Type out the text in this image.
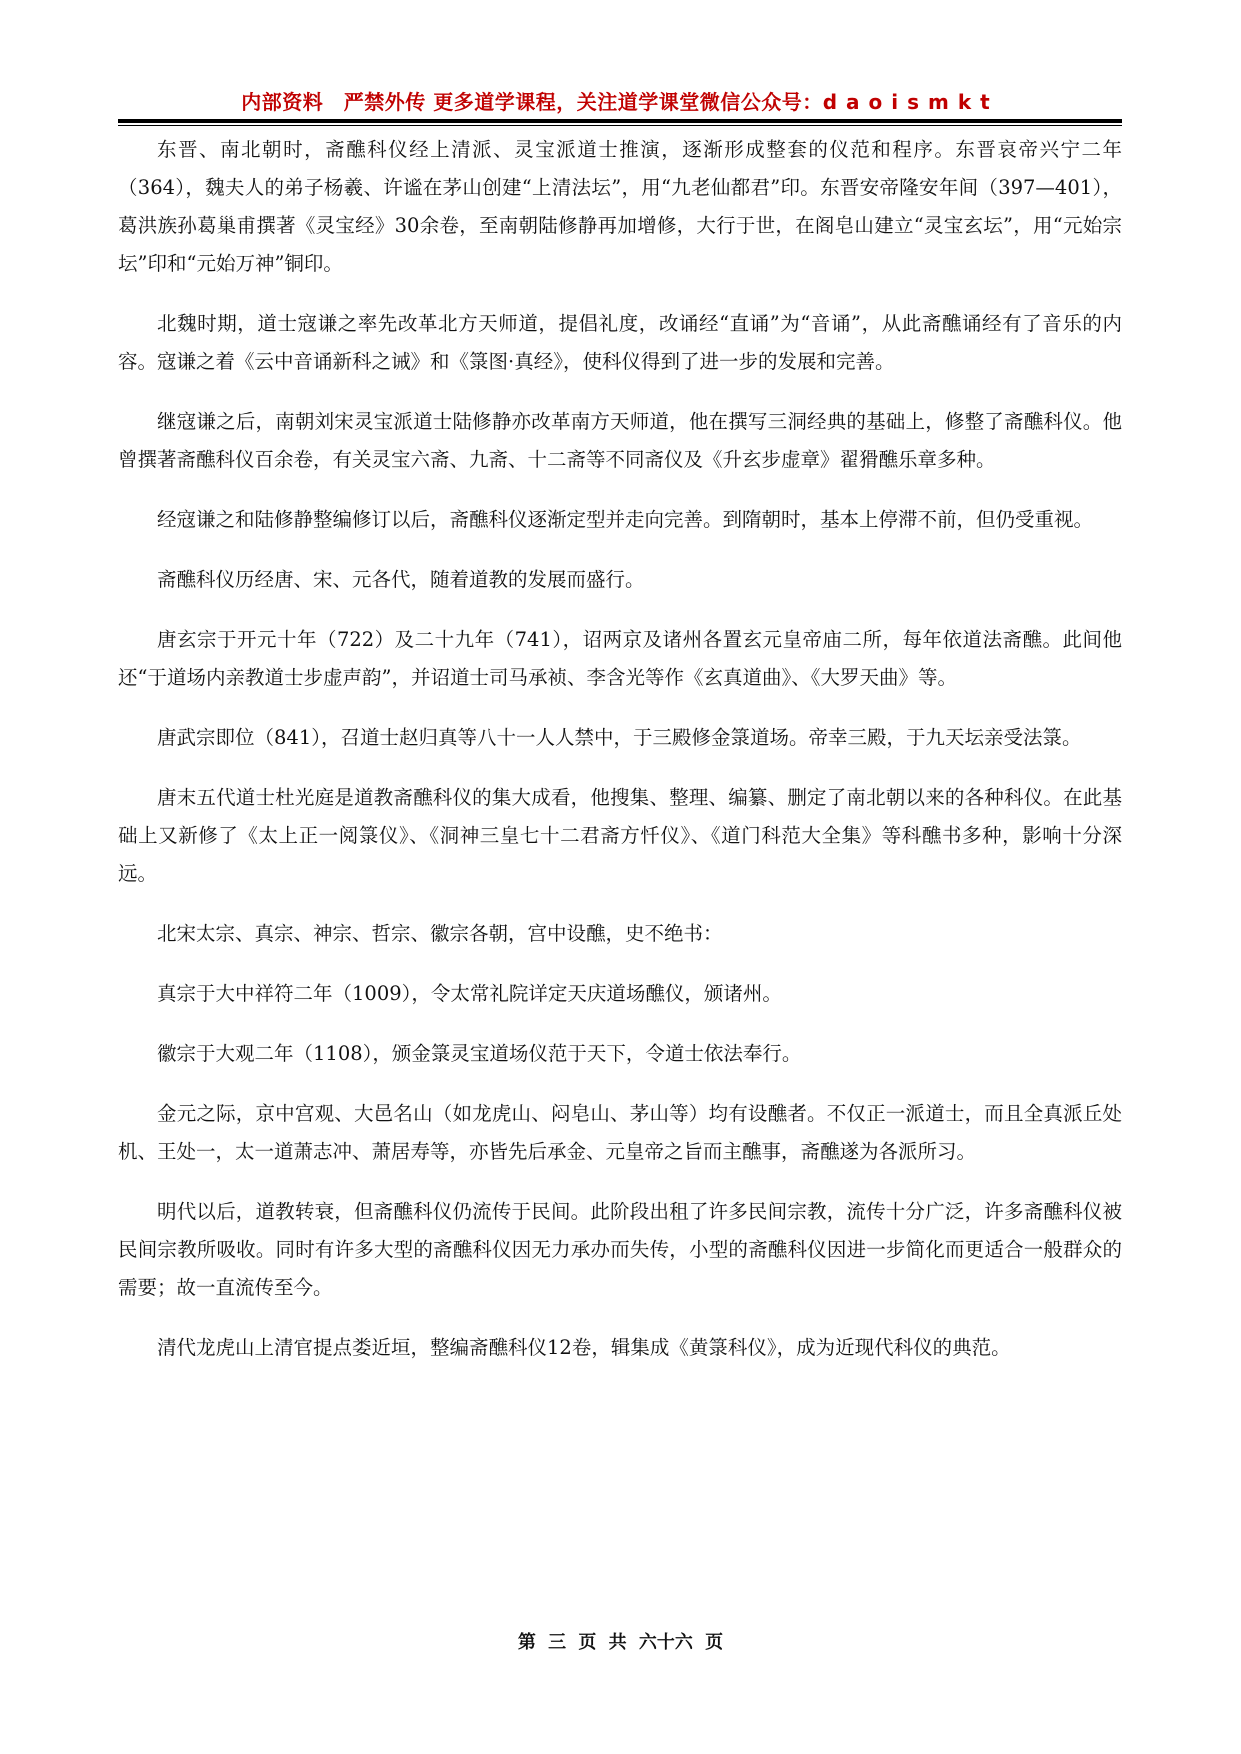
内部资料　严禁外传 更多道学课程，关注道学课堂微信公众号：daoismkt

东晋、南北朝时，斋醮科仪经上清派、灵宝派道士推演，逐渐形成整套的仪范和程序。东晋哀帝兴宁二年（364），魏夫人的弟子杨羲、许谧在茅山创建“上清法坛”，用“九老仙都君”印。东晋安帝隆安年间（397—401），葛洪族孙葛巢甫撰著《灵宝经》30余卷，至南朝陆修静再加增修，大行于世，在阁皂山建立“灵宝玄坛”，用“元始宗坛”印和“元始万神”铜印。

北魏时期，道士寇谦之率先改革北方天师道，提倡礼度，改诵经“直诵”为“音诵”，从此斋醮诵经有了音乐的内容。寇谦之着《云中音诵新科之诫》和《箓图·真经》，使科仪得到了进一步的发展和完善。

继寇谦之后，南朝刘宋灵宝派道士陆修静亦改革南方天师道，他在撰写三洞经典的基础上，修整了斋醮科仪。他曾撰著斋醮科仪百余卷，有关灵宝六斋、九斋、十二斋等不同斋仪及《升玄步虚章》翟猾醮乐章多种。

经寇谦之和陆修静整编修订以后，斋醮科仪逐渐定型并走向完善。到隋朝时，基本上停滞不前，但仍受重视。

斋醮科仪历经唐、宋、元各代，随着道教的发展而盛行。

唐玄宗于开元十年（722）及二十九年（741），诏两京及诸州各置玄元皇帝庙二所，每年依道法斋醮。此间他还“于道场内亲教道士步虚声韵”，并诏道士司马承祯、李含光等作《玄真道曲》、《大罗天曲》等。

唐武宗即位（841），召道士赵归真等八十一人人禁中，于三殿修金箓道场。帝幸三殿，于九天坛亲受法箓。

唐末五代道士杜光庭是道教斋醮科仪的集大成看，他搜集、整理、编纂、删定了南北朝以来的各种科仪。在此基础上又新修了《太上正一阅箓仪》、《洞神三皇七十二君斋方忏仪》、《道门科范大全集》等科醮书多种，影响十分深远。

北宋太宗、真宗、神宗、哲宗、徽宗各朝，宫中设醮，史不绝书：

真宗于大中祥符二年（1009），令太常礼院详定天庆道场醮仪，颁诸州。

徽宗于大观二年（1108），颁金箓灵宝道场仪范于天下，令道士依法奉行。

金元之际，京中宫观、大邑名山（如龙虎山、闷皂山、茅山等）均有设醮者。不仅正一派道士，而且全真派丘处机、王处一，太一道萧志冲、萧居寿等，亦皆先后承金、元皇帝之旨而主醮事，斋醮遂为各派所习。

明代以后，道教转衰，但斋醮科仪仍流传于民间。此阶段出租了许多民间宗教，流传十分广泛，许多斋醮科仪被民间宗教所吸收。同时有许多大型的斋醮科仪因无力承办而失传，小型的斋醮科仪因进一步简化而更适合一般群众的需要；故一直流传至今。

清代龙虎山上清官提点娄近垣，整编斋醮科仪12卷，辑集成《黄箓科仪》，成为近现代科仪的典范。

第 三 页 共 六十六 页
